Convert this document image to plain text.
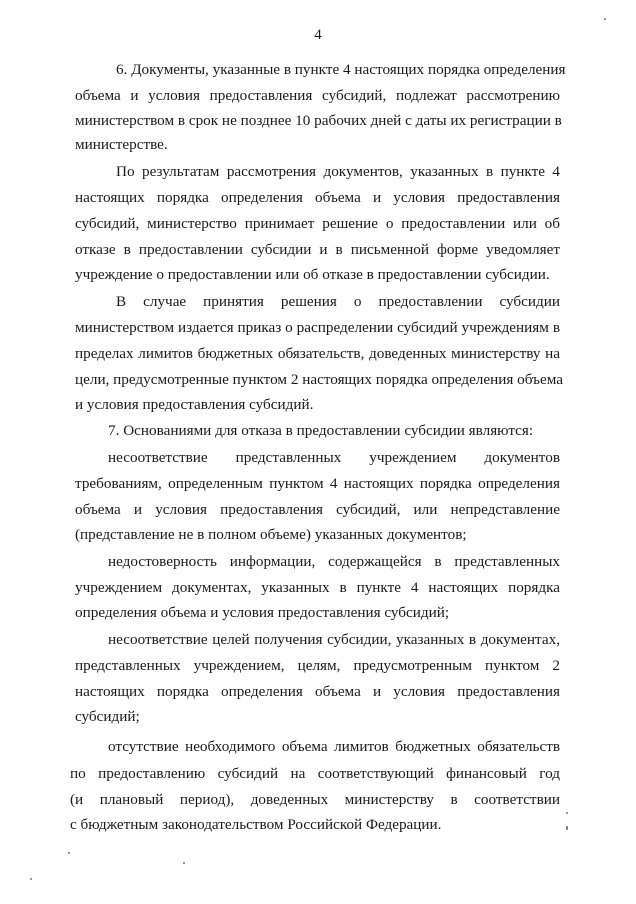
4
6. Документы, указанные в пункте 4 настоящих порядка определения
объема и условия предоставления субсидий, подлежат рассмотрению
министерством в срок не позднее 10 рабочих дней с даты их регистрации в
министерстве.
По результатам рассмотрения документов, указанных в пункте 4
настоящих порядка определения объема и условия предоставления
субсидий, министерство принимает решение о предоставлении или об
отказе в предоставлении субсидии и в письменной форме уведомляет
учреждение о предоставлении или об отказе в предоставлении субсидии.
В случае принятия решения о предоставлении субсидии
министерством издается приказ о распределении субсидий учреждениям в
пределах лимитов бюджетных обязательств, доведенных министерству на
цели, предусмотренные пунктом 2 настоящих порядка определения объема
и условия предоставления субсидий.
7. Основаниями для отказа в предоставлении субсидии являются:
несоответствие представленных учреждением документов
требованиям, определенным пунктом 4 настоящих порядка определения
объема и условия предоставления субсидий, или непредставление
(представление не в полном объеме) указанных документов;
недостоверность информации, содержащейся в представленных
учреждением документах, указанных в пункте 4 настоящих порядка
определения объема и условия предоставления субсидий;
несоответствие целей получения субсидии, указанных в документах,
представленных учреждением, целям, предусмотренным пунктом 2
настоящих порядка определения объема и условия предоставления
субсидий;
отсутствие необходимого объема лимитов бюджетных обязательств
по предоставлению субсидий на соответствующий финансовый год
(и плановый период), доведенных министерству в соответствии
с бюджетным законодательством Российской Федерации.
